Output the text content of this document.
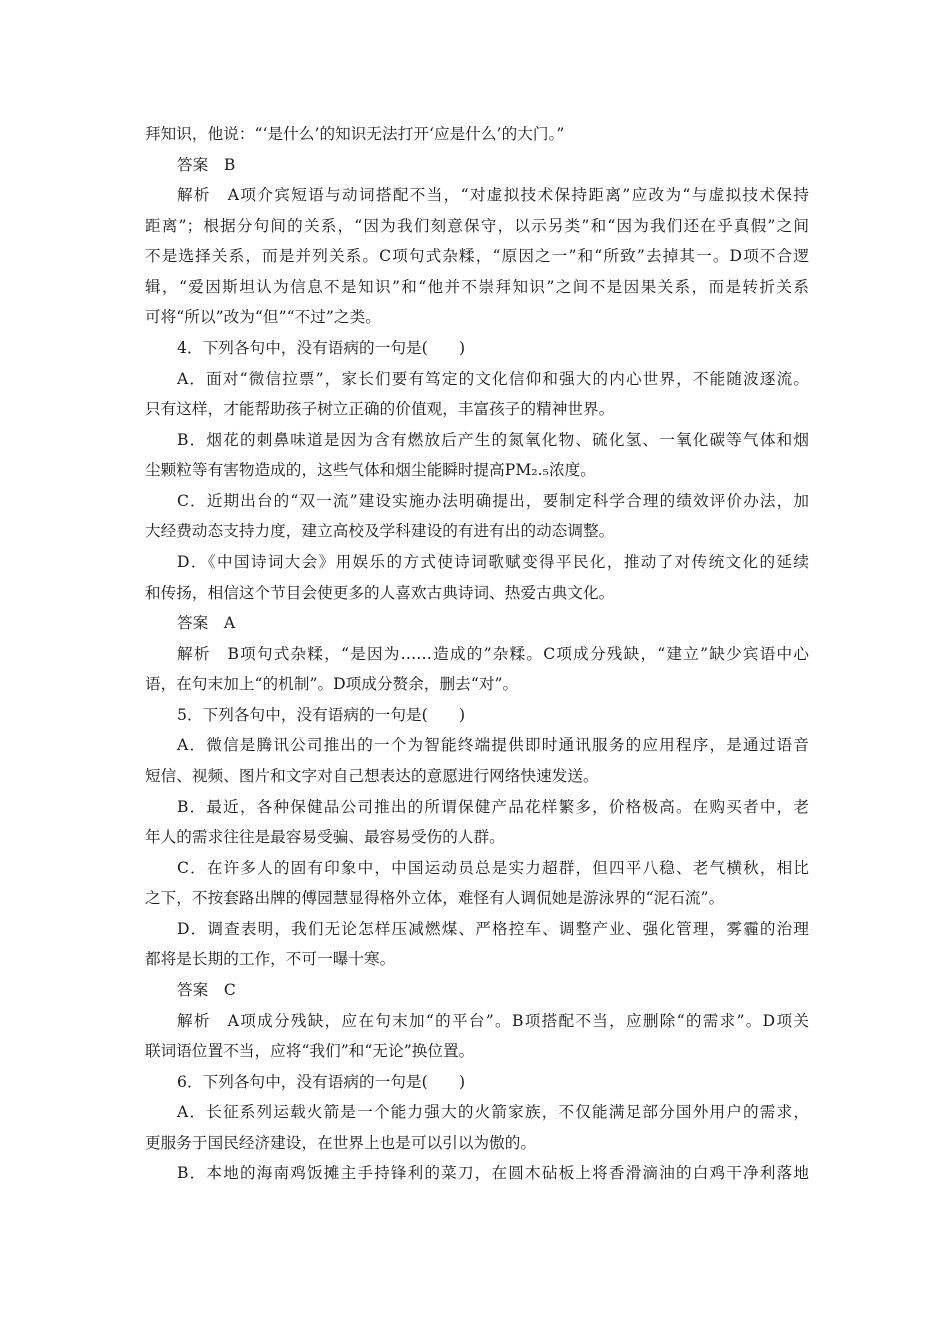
拜知识，他说：“‘是什么’的知识无法打开‘应是什么’的大门。”
答案　B
解析　A项介宾短语与动词搭配不当，“对虚拟技术保持距离”应改为“与虚拟技术保持
距离”；根据分句间的关系，“因为我们刻意保守，以示另类”和“因为我们还在乎真假”之间
不是选择关系，而是并列关系。C项句式杂糅，“原因之一”和“所致”去掉其一。D项不合逻
辑，“爱因斯坦认为信息不是知识”和“他并不崇拜知识”之间不是因果关系，而是转折关系
可将“所以”改为“但”“不过”之类。
4．下列各句中，没有语病的一句是(　　)
A．面对“微信拉票”，家长们要有笃定的文化信仰和强大的内心世界，不能随波逐流。
只有这样，才能帮助孩子树立正确的价值观，丰富孩子的精神世界。
B．烟花的刺鼻味道是因为含有燃放后产生的氮氧化物、硫化氢、一氧化碳等气体和烟
尘颗粒等有害物造成的，这些气体和烟尘能瞬时提高PM₂.₅浓度。
C．近期出台的“双一流”建设实施办法明确提出，要制定科学合理的绩效评价办法，加
大经费动态支持力度，建立高校及学科建设的有进有出的动态调整。
D．《中国诗词大会》用娱乐的方式使诗词歌赋变得平民化，推动了对传统文化的延续
和传扬，相信这个节目会使更多的人喜欢古典诗词、热爱古典文化。
答案　A
解析　B项句式杂糅，“是因为……造成的”杂糅。C项成分残缺，“建立”缺少宾语中心
语，在句末加上“的机制”。D项成分赘余，删去“对”。
5．下列各句中，没有语病的一句是(　　)
A．微信是腾讯公司推出的一个为智能终端提供即时通讯服务的应用程序，是通过语音
短信、视频、图片和文字对自己想表达的意愿进行网络快速发送。
B．最近，各种保健品公司推出的所谓保健产品花样繁多，价格极高。在购买者中，老
年人的需求往往是最容易受骗、最容易受伤的人群。
C．在许多人的固有印象中，中国运动员总是实力超群，但四平八稳、老气横秋，相比
之下，不按套路出牌的傅园慧显得格外立体，难怪有人调侃她是游泳界的“泥石流”。
D．调查表明，我们无论怎样压减燃煤、严格控车、调整产业、强化管理，雾霾的治理
都将是长期的工作，不可一曝十寒。
答案　C
解析　A项成分残缺，应在句末加“的平台”。B项搭配不当，应删除“的需求”。D项关
联词语位置不当，应将“我们”和“无论”换位置。
6．下列各句中，没有语病的一句是(　　)
A．长征系列运载火箭是一个能力强大的火箭家族，不仅能满足部分国外用户的需求，
更服务于国民经济建设，在世界上也是可以引以为傲的。
B．本地的海南鸡饭摊主手持锋利的菜刀，在圆木砧板上将香滑滴油的白鸡干净利落地
